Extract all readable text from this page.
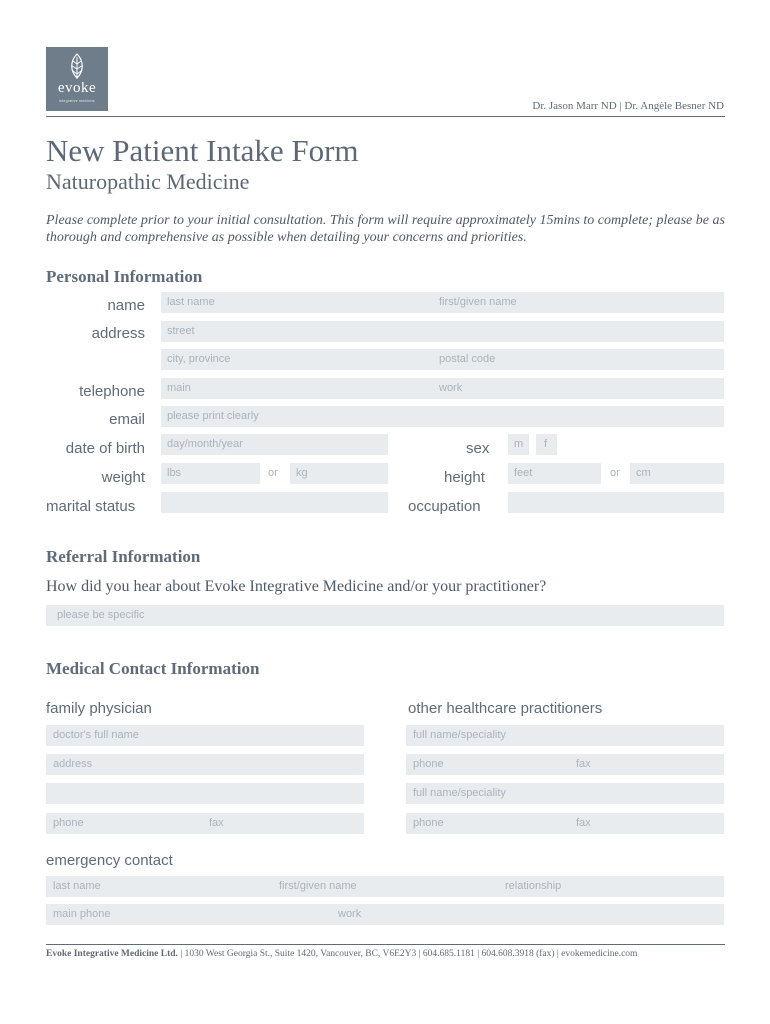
evoke
integrative medicine	Dr. Jason Marr ND | Dr. Angèle Besner ND
New Patient Intake Form
Naturopathic Medicine
Please complete prior to your initial consultation. This form will require approximately 15mins to complete; please be as thorough and comprehensive as possible when detailing your concerns and priorities.
Personal Information
name last name	first/given name
address street
city, province	postal code
telephone main	work
email please print clearly
date of birth day/month/year	sex m f
weight lbs	or kg	height	feet	or cm
marital status	occupation
Referral Information
How did you hear about Evoke Integrative Medicine and/or your practitioner?
please be specific
Medical Contact Information
family physician
doctor's full name
address
phone	fax
other healthcare practitioners
full name/speciality
phone	fax
full name/speciality
phone	fax
emergency contact
last name	first/given name	relationship
main phone	work
Evoke Integrative Medicine Ltd. | 1030 West Georgia St., Suite 1420, Vancouver, BC, V6E2Y3 | 604.685.1181 | 604.608.3918 (fax) | evokemedicine.com
